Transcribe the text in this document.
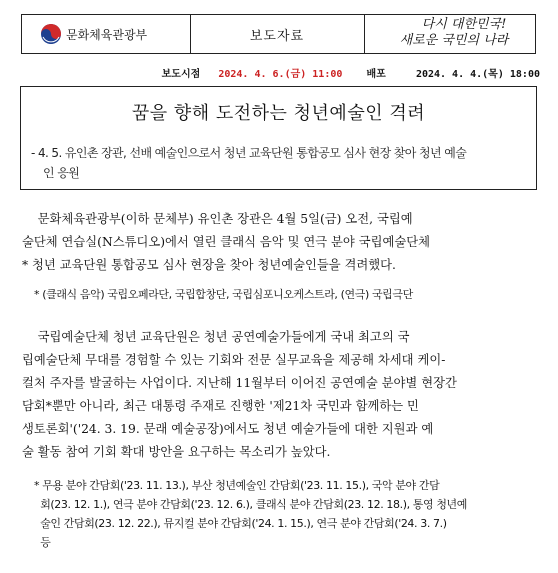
문화체육관광부	보도자료
다시 대한민국!
새로운 국민의 나라
보도시점 2024. 4. 6.(금) 11:00 배포	2024. 4. 4.(목) 18:00
꿈을 향해 도전하는 청년예술인 격려
- 4. 5. 유인촌 장관, 선배 예술인으로서 청년 교육단원 통합공모 심사 현장 찾아 청년 예술
인 응원
문화체육관광부(이하 문체부) 유인촌 장관은 4월 5일(금) 오전, 국립예
술단체 연습실(N스튜디오)에서 열린 클래식 음악 및 연극 분야 국립예술단체
* 청년 교육단원 통합공모 심사 현장을 찾아 청년예술인들을 격려했다.
* (클래식 음악) 국립오페라단, 국립합창단, 국립심포니오케스트라, (연극) 국립극단
국립예술단체 청년 교육단원은 청년 공연예술가들에게 국내 최고의 국
립예술단체 무대를 경험할 수 있는 기회와 전문 실무교육을 제공해 차세대 케이-
컬처 주자를 발굴하는 사업이다. 지난해 11월부터 이어진 공연예술 분야별 현장간
담회*뿐만 아니라, 최근 대통령 주재로 진행한 '제21차 국민과 함께하는 민
생토론회'('24. 3. 19. 문래 예술공장)에서도 청년 예술가들에 대한 지원과 예
술 활동 참여 기회 확대 방안을 요구하는 목소리가 높았다.
* 무용 분야 간담회('23. 11. 13.), 부산 청년예술인 간담회('23. 11. 15.), 국악 분야 간담
회(23. 12. 1.), 연극 분야 간담회('23. 12. 6.), 클래식 분야 간담회(23. 12. 18.), 통영 청년예
술인 간담회(23. 12. 22.), 뮤지컬 분야 간담회('24. 1. 15.), 연극 분야 간담회('24. 3. 7.)
등
